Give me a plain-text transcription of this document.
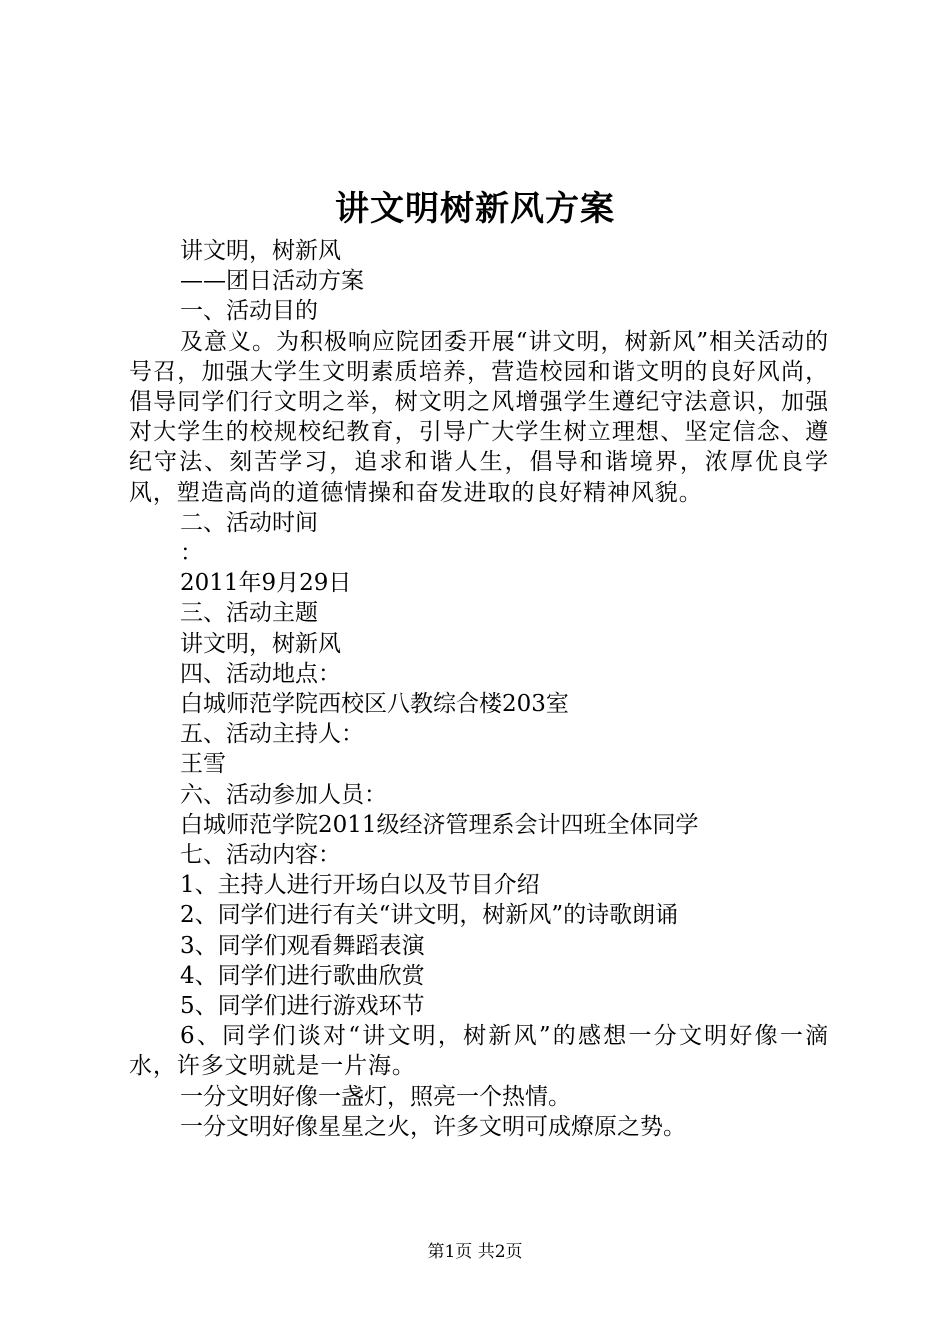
讲文明树新风方案
讲文明，树新风
——团日活动方案
一、活动目的

及意义。为积极响应院团委开展“讲文明，树新风”相关活动的号召，加强大学生文明素质培养，营造校园和谐文明的良好风尚，倡导同学们行文明之举，树文明之风增强学生遵纪守法意识，加强对大学生的校规校纪教育，引导广大学生树立理想、坚定信念、遵纪守法、刻苦学习，追求和谐人生，倡导和谐境界，浓厚优良学风，塑造高尚的道德情操和奋发进取的良好精神风貌。

二、活动时间
：
2011年9月29日
三、活动主题
讲文明，树新风
四、活动地点：
白城师范学院西校区八教综合楼203室
五、活动主持人：
王雪
六、活动参加人员：
白城师范学院2011级经济管理系会计四班全体同学
七、活动内容：
1、主持人进行开场白以及节目介绍
2、同学们进行有关“讲文明，树新风”的诗歌朗诵
3、同学们观看舞蹈表演
4、同学们进行歌曲欣赏
5、同学们进行游戏环节

6、同学们谈对“讲文明，树新风”的感想一分文明好像一滴水，许多文明就是一片海。

一分文明好像一盏灯，照亮一个热情。
一分文明好像星星之火，许多文明可成燎原之势。
第1页 共2页
